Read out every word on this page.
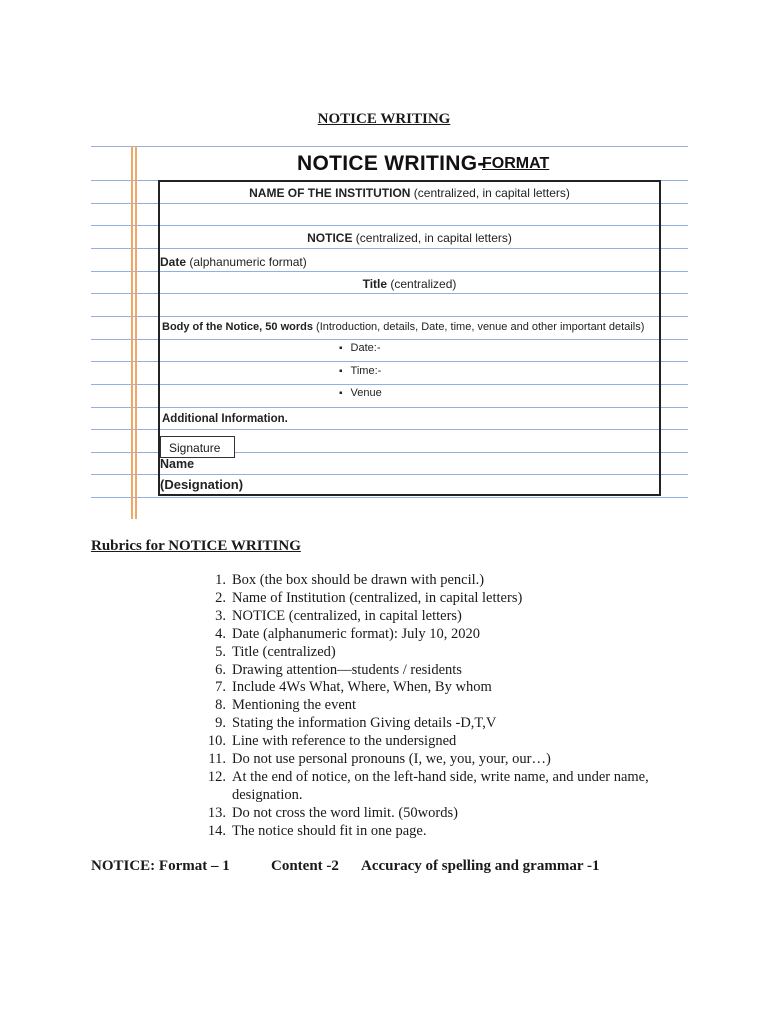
NOTICE WRITING
NOTICE WRITING-
FORMAT
NAME OF THE INSTITUTION (centralized, in capital letters)
NOTICE (centralized, in capital letters)
Date (alphanumeric format)
Title (centralized)
Body of the Notice, 50 words (Introduction, details, Date, time, venue and other important details)
▪ Date:-
▪ Time:-
▪ Venue
Additional Information.
Signature
Name
(Designation)
Rubrics for NOTICE WRITING
1. Box (the box should be drawn with pencil.)
2. Name of Institution (centralized, in capital letters)
3. NOTICE (centralized, in capital letters)
4. Date (alphanumeric format): July 10, 2020
5. Title (centralized)
6. Drawing attention—students / residents
7. Include 4Ws What, Where, When, By whom
8. Mentioning the event
9. Stating the information Giving details -D,T,V
10. Line with reference to the undersigned
11. Do not use personal pronouns (I, we, you, your, our…)
12. At the end of notice, on the left-hand side, write name, and under name, designation.
13. Do not cross the word limit. (50words)
14. The notice should fit in one page.
NOTICE: Format – 1	Content -2 Accuracy of spelling and grammar -1
